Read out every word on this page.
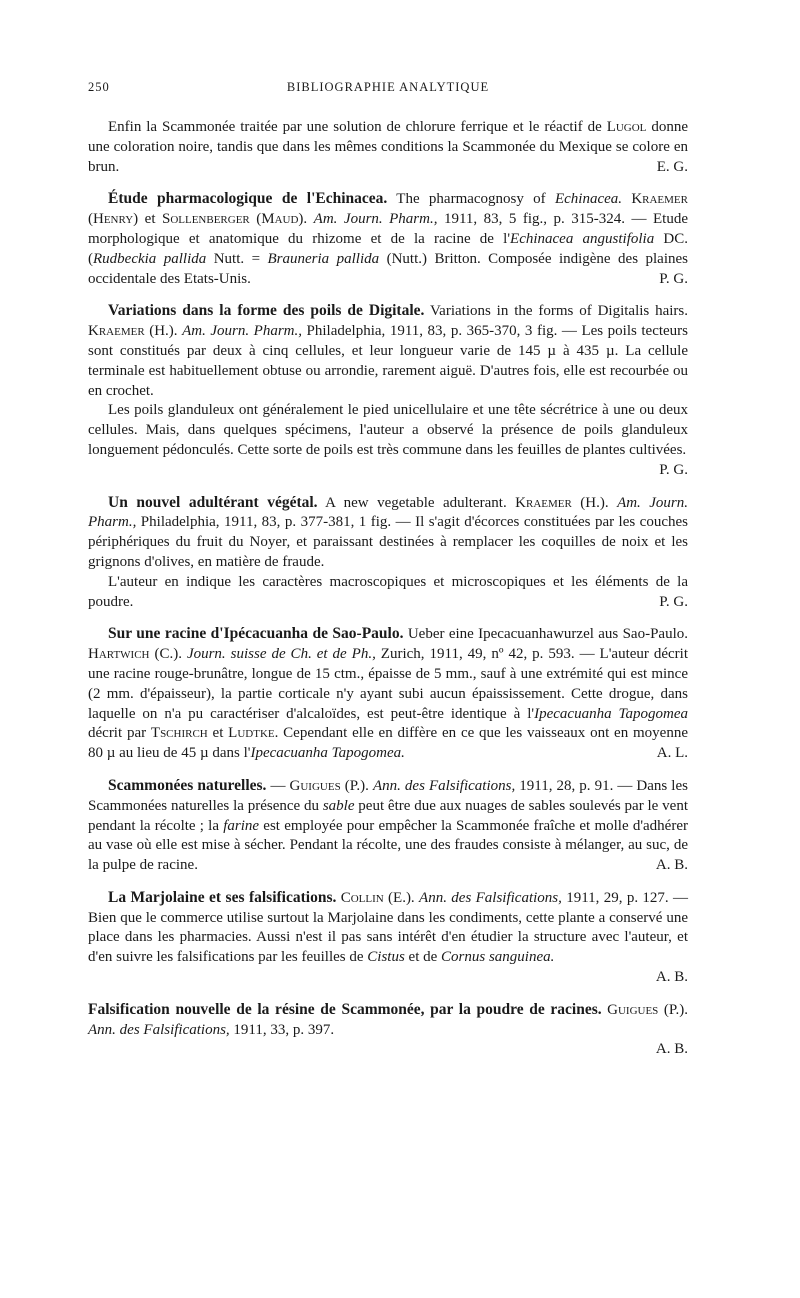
250	BIBLIOGRAPHIE ANALYTIQUE

Enfin la Scammonée traitée par une solution de chlorure ferrique et le réactif de Lugol donne une coloration noire, tandis que dans les mêmes conditions la Scammonée du Mexique se colore en brun.	E. G.

Étude pharmacologique de l'Echinacea. The pharmacognosy of Echinacea. Kraemer (Henry) et Sollenberger (Maud). Am. Journ. Pharm., 1911, 83, 5 fig., p. 315-324. — Etude morphologique et anatomique du rhizome et de la racine de l'Echinacea angustifolia DC. (Rudbeckia pallida Nutt. = Brauneria pallida (Nutt.) Britton. Composée indigène des plaines occidentale des Etats-Unis.	P. G.

Variations dans la forme des poils de Digitale. Variations in the forms of Digitalis hairs. Kraemer (H.). Am. Journ. Pharm., Philadelphia, 1911, 83, p. 365-370, 3 fig. — Les poils tecteurs sont constitués par deux à cinq cellules, et leur longueur varie de 145 µ à 435 µ. La cellule terminale est habituellement obtuse ou arrondie, rarement aiguë. D'autres fois, elle est recourbée ou en crochet.

Les poils glanduleux ont généralement le pied unicellulaire et une tête sécrétrice à une ou deux cellules. Mais, dans quelques spécimens, l'auteur a observé la présence de poils glanduleux longuement pédonculés. Cette sorte de poils est très commune dans les feuilles de plantes cultivées.
P. G.

Un nouvel adultérant végétal. A new vegetable adulterant. Kraemer (H.). Am. Journ. Pharm., Philadelphia, 1911, 83, p. 377-381, 1 fig. — Il s'agit d'écorces constituées par les couches périphériques du fruit du Noyer, et paraissant destinées à remplacer les coquilles de noix et les grignons d'olives, en matière de fraude.

L'auteur en indique les caractères macroscopiques et microscopiques et les éléments de la poudre.	P. G.

Sur une racine d'Ipécacuanha de Sao-Paulo. Ueber eine Ipecacuanhawurzel aus Sao-Paulo. Hartwich (C.). Journ. suisse de Ch. et de Ph., Zurich, 1911, 49, nº 42, p. 593. — L'auteur décrit une racine rouge-brunâtre, longue de 15 ctm., épaisse de 5 mm., sauf à une extrémité qui est mince (2 mm. d'épaisseur), la partie corticale n'y ayant subi aucun épaississement. Cette drogue, dans laquelle on n'a pu caractériser d'alcaloïdes, est peut-être identique à l'Ipecacuanha Tapogomea décrit par Tschirch et Ludtke. Cependant elle en diffère en ce que les vaisseaux ont en moyenne 80 µ au lieu de 45 µ dans l'Ipecacuanha Tapogomea.	A. L.

Scammonées naturelles. — Guigues (P.). Ann. des Falsifications, 1911, 28, p. 91. — Dans les Scammonées naturelles la présence du sable peut être due aux nuages de sables soulevés par le vent pendant la récolte ; la farine est employée pour empêcher la Scammonée fraîche et molle d'adhérer au vase où elle est mise à sécher. Pendant la récolte, une des fraudes consiste à mélanger, au suc, de la pulpe de racine.	A. B.

La Marjolaine et ses falsifications. Collin (E.). Ann. des Falsifications, 1911, 29, p. 127. — Bien que le commerce utilise surtout la Marjolaine dans les condiments, cette plante a conservé une place dans les pharmacies. Aussi n'est il pas sans intérêt d'en étudier la structure avec l'auteur, et d'en suivre les falsifications par les feuilles de Cistus et de Cornus sanguinea.

A. B.

Falsification nouvelle de la résine de Scammonée, par la poudre de racines. Guigues (P.). Ann. des Falsifications, 1911, 33, p. 397.

A. B.
